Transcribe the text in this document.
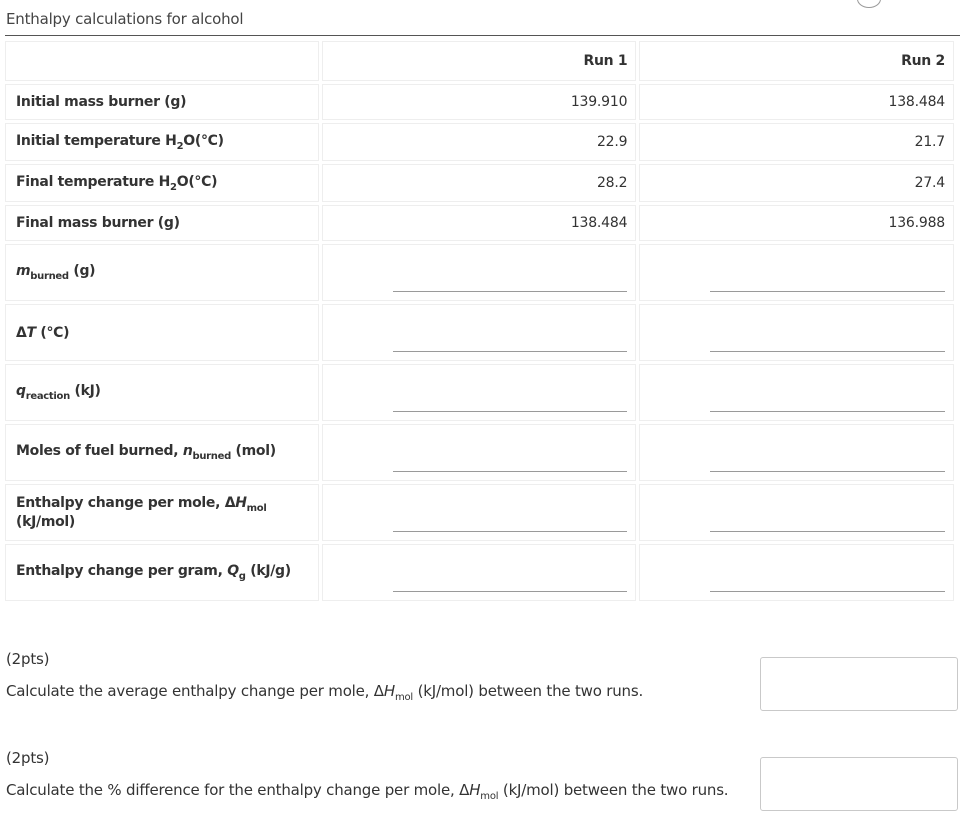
Enthalpy calculations for alcohol
	Run 1	Run 2
Initial mass burner (g)	139.910	138.484
Initial temperature $H_2O(^\circ C)$	22.9	21.7
Final temperature $H_2O(^\circ C)$	28.2	27.4
Final mass burner (g)	138.484	136.988
$m_{burned}$ (g)	

ΔT (°C)	

$q_{reaction}$ (kJ)	

Moles of fuel burned, $n_{burned}$ (mol)	

Enthalpy change per mole, $\Delta H_{mol}$
(kJ/mol)	

Enthalpy change per gram, $Q_g$ (kJ/g)	

(2pts)
Calculate the average enthalpy change per mole, $\Delta H_{mol}$ (kJ/mol) between the two runs.
(2pts)
Calculate the % difference for the enthalpy change per mole, $\Delta H_{mol}$ (kJ/mol) between the two runs.
